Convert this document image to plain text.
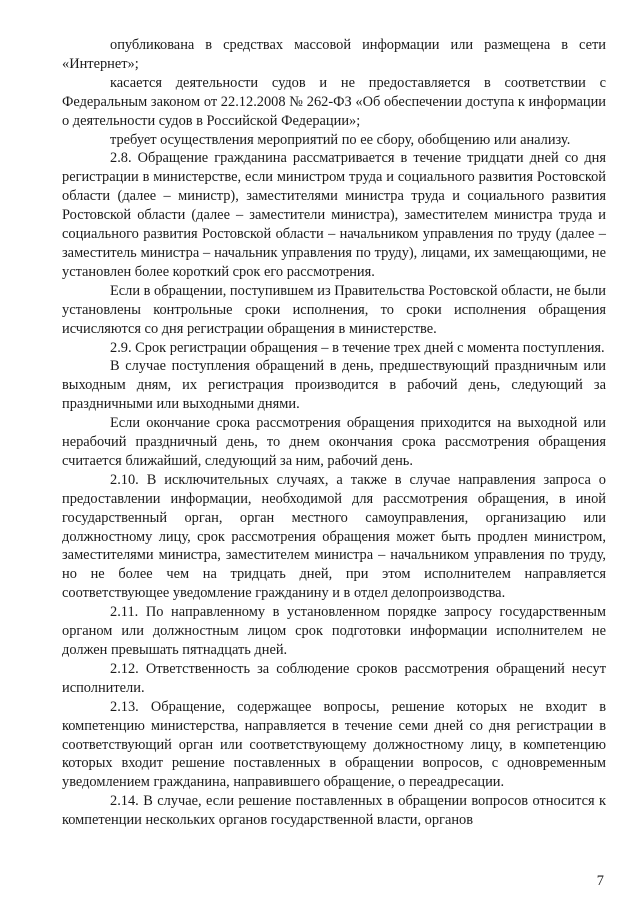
опубликована в средствах массовой информации или размещена в сети «Интернет»;

касается деятельности судов и не предоставляется в соответствии с Федеральным законом от 22.12.2008 № 262-ФЗ «Об обеспечении доступа к информации о деятельности судов в Российской Федерации»;

требует осуществления мероприятий по ее сбору, обобщению или анализу.

2.8. Обращение гражданина рассматривается в течение тридцати дней со дня регистрации в министерстве, если министром труда и социального развития Ростовской области (далее – министр), заместителями министра труда и социального развития Ростовской области (далее – заместители министра), заместителем министра труда и социального развития Ростовской области – начальником управления по труду (далее – заместитель министра – начальник управления по труду), лицами, их замещающими, не установлен более короткий срок его рассмотрения.

Если в обращении, поступившем из Правительства Ростовской области, не были установлены контрольные сроки исполнения, то сроки исполнения обращения исчисляются со дня регистрации обращения в министерстве.

2.9. Срок регистрации обращения – в течение трех дней с момента поступления.

В случае поступления обращений в день, предшествующий праздничным или выходным дням, их регистрация производится в рабочий день, следующий за праздничными или выходными днями.

Если окончание срока рассмотрения обращения приходится на выходной или нерабочий праздничный день, то днем окончания срока рассмотрения обращения считается ближайший, следующий за ним, рабочий день.

2.10. В исключительных случаях, а также в случае направления запроса о предоставлении информации, необходимой для рассмотрения обращения, в иной государственный орган, орган местного самоуправления, организацию или должностному лицу, срок рассмотрения обращения может быть продлен министром, заместителями министра, заместителем министра – начальником управления по труду, но не более чем на тридцать дней, при этом исполнителем направляется соответствующее уведомление гражданину и в отдел делопроизводства.

2.11. По направленному в установленном порядке запросу государственным органом или должностным лицом срок подготовки информации исполнителем не должен превышать пятнадцать дней.

2.12. Ответственность за соблюдение сроков рассмотрения обращений несут исполнители.

2.13. Обращение, содержащее вопросы, решение которых не входит в компетенцию министерства, направляется в течение семи дней со дня регистрации в соответствующий орган или соответствующему должностному лицу, в компетенцию которых входит решение поставленных в обращении вопросов, с одновременным уведомлением гражданина, направившего обращение, о переадресации.

2.14. В случае, если решение поставленных в обращении вопросов относится к компетенции нескольких органов государственной власти, органов

7
